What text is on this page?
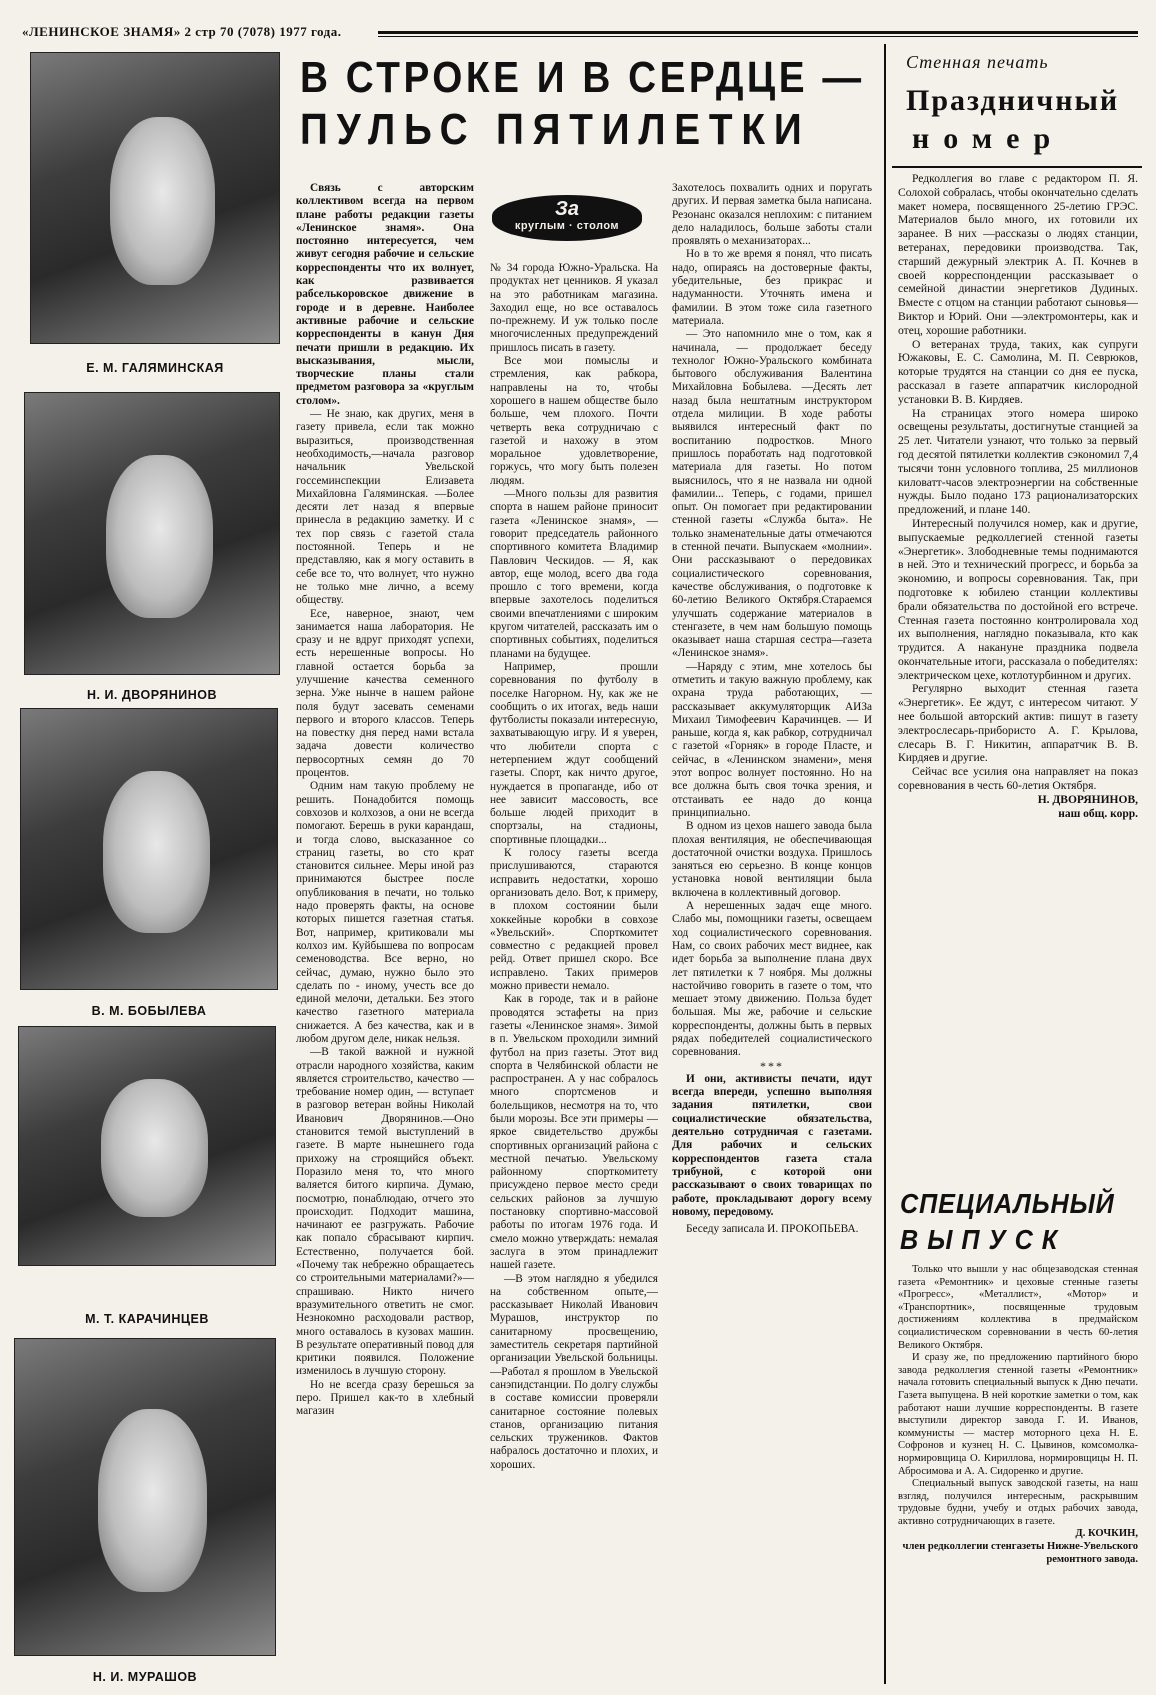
«ЛЕНИНСКОЕ ЗНАМЯ» 2 стр 70 (7078) 1977 года.
Е. М. ГАЛЯМИНСКАЯ
Н. И. ДВОРЯНИНОВ
В. М. БОБЫЛЕВА
М. Т. КАРАЧИНЦЕВ
Н. И. МУРАШОВ
В СТРОКЕ И В СЕРДЦЕ —
ПУЛЬС ПЯТИЛЕТКИ
За
круглым · столом

Связь с авторским коллективом всегда на первом плане работы редакции газеты «Ленинское знамя». Она постоянно интересуется, чем живут сегодня рабочие и сельские корреспонденты что их волнует, как развивается рабселькоровское движение в городе и в деревне. Наиболее активные рабочие и сельские корреспонденты в канун Дня печати пришли в редакцию. Их высказывания, мысли, творческие планы стали предметом разговора за «круглым столом».

— Не знаю, как других, меня в газету привела, если так можно выразиться, производственная необходимость,—начала разговор начальник Увельской госсеминспекции Елизавета Михайловна Галяминская. —Более десяти лет назад я впервые принесла в редакцию заметку. И с тех пор связь с газетой стала постоянной. Теперь и не представляю, как я могу оставить в себе все то, что волнует, что нужно не только мне лично, а всему обществу.

Есе, наверное, знают, чем занимается наша лаборатория. Не сразу и не вдруг приходят успехи, есть нерешенные вопросы. Но главной остается борьба за улучшение качества семенного зерна. Уже нынче в нашем районе поля будут засевать семенами первого и второго классов. Теперь на повестку дня перед нами встала задача довести количество первосортных семян до 70 процентов.

Одним нам такую проблему не решить. Понадобится помощь совхозов и колхозов, а они не всегда помогают. Берешь в руки карандаш, и тогда слово, высказанное со страниц газеты, во сто крат становится сильнее. Меры иной раз принимаются быстрее после опубликования в печати, но только надо проверять факты, на основе которых пишется газетная статья. Вот, например, критиковали мы колхоз им. Куйбышева по вопросам семеноводства. Все верно, но сейчас, думаю, нужно было это сделать по - иному, учесть все до единой мелочи, детальки. Без этого качество газетного материала снижается. А без качества, как и в любом другом деле, никак нельзя.

—В такой важной и нужной отрасли народного хозяйства, каким является строительство, качество — требование номер один, — вступает в разговор ветеран войны Николай Иванович Дворянинов.—Оно становится темой выступлений в газете. В марте нынешнего года прихожу на строящийся объект. Поразило меня то, что много валяется битого кирпича. Думаю, посмотрю, понаблюдаю, отчего это происходит. Подходит машина, начинают ее разгружать. Рабочие как попало сбрасывают кирпич. Естественно, получается бой. «Почему так небрежно обращаетесь со строительными материалами?»—спрашиваю. Никто ничего вразумительного ответить не смог. Незнокомно расходовали раствор, много оставалось в кузовах машин. В результате оперативный повод для критики появился. Положение изменилось в лучшую сторону.

Но не всегда сразу берешься за перо. Пришел как-то в хлебный магазин

№ 34 города Южно-Уральска. На продуктах нет ценников. Я указал на это работникам магазина. Заходил еще, но все оставалось по-прежнему. И уж только после многочисленных предупреждений пришлось писать в газету.

Все мои помыслы и стремления, как рабкора, направлены на то, чтобы хорошего в нашем обществе было больше, чем плохого. Почти четверть века сотрудничаю с газетой и нахожу в этом моральное удовлетворение, горжусь, что могу быть полезен людям.

—Много пользы для развития спорта в нашем районе приносит газета «Ленинское знамя», — говорит председатель районного спортивного комитета Владимир Павлович Ческидов. — Я, как автор, еще молод, всего два года прошло с того времени, когда впервые захотелось поделиться своими впечатлениями с широким кругом читателей, рассказать им о спортивных событиях, поделиться планами на будущее.

Например, прошли соревнования по футболу в поселке Нагорном. Ну, как же не сообщить о их итогах, ведь наши футболисты показали интересную, захватывающую игру. И я уверен, что любители спорта с нетерпением ждут сообщений газеты. Спорт, как ничто другое, нуждается в пропаганде, ибо от нее зависит массовость, все больше людей приходит в спортзалы, на стадионы, спортивные площадки...

К голосу газеты всегда прислушиваются, стараются исправить недостатки, хорошо организовать дело. Вот, к примеру, в плохом состоянии были хоккейные коробки в совхозе «Увельский». Спорткомитет совместно с редакцией провел рейд. Ответ пришел скоро. Все исправлено. Таких примеров можно привести немало.

Как в городе, так и в районе проводятся эстафеты на приз газеты «Ленинское знамя». Зимой в п. Увельском проходили зимний футбол на приз газеты. Этот вид спорта в Челябинской области не распространен. А у нас собралось много спортсменов и болельщиков, несмотря на то, что были морозы. Все эти примеры —яркое свидетельство дружбы спортивных организаций района с местной печатью. Увельскому районному спорткомитету присуждено первое место среди сельских районов за лучшую постановку спортивно-массовой работы по итогам 1976 года. И смело можно утверждать: немалая заслуга в этом принадлежит нашей газете.

—В этом наглядно я убедился на собственном опыте,— рассказывает Николай Иванович Мурашов, инструктор по санитарному просвещению, заместитель секретаря партийной организации Увельской больницы. —Работал я прошлом в Увельской санэпидстанции. По долгу службы в составе комиссии проверяли санитарное состояние полевых станов, организацию питания сельских тружеников. Фактов набралось достаточно и плохих, и хороших.

Захотелось похвалить одних и поругать других. И первая заметка была написана. Резонанс оказался неплохим: с питанием дело наладилось, больше заботы стали проявлять о механизаторах...

Но в то же время я понял, что писать надо, опираясь на достоверные факты, убедительные, без прикрас и надуманности. Уточнять имена и фамилии. В этом тоже сила газетного материала.

— Это напомнило мне о том, как я начинала, — продолжает беседу технолог Южно-Уральского комбината бытового обслуживания Валентина Михайловна Бобылева. —Десять лет назад была нештатным инструктором отдела милиции. В ходе работы выявился интересный факт по воспитанию подростков. Много пришлось поработать над подготовкой материала для газеты. Но потом выяснилось, что я не назвала ни одной фамилии... Теперь, с годами, пришел опыт. Он помогает при редактировании стенной газеты «Служба быта». Не только знаменательные даты отмечаются в стенной печати. Выпускаем «молнии». Они рассказывают о передовиках социалистического соревнования, качестве обслуживания, о подготовке к 60-летию Великого Октября.Стараемся улучшать содержание материалов в стенгазете, в чем нам большую помощь оказывает наша старшая сестра—газета «Ленинское знамя».

—Наряду с этим, мне хотелось бы отметить и такую важную проблему, как охрана труда работающих, — рассказывает аккумуляторщик АИЗа Михаил Тимофеевич Карачинцев. — И раньше, когда я, как рабкор, сотрудничал с газетой «Горняк» в городе Пласте, и сейчас, в «Ленинском знамени», меня этот вопрос волнует постоянно. Но на все должна быть своя точка зрения, и отстаивать ее надо до конца принципиально.

В одном из цехов нашего завода была плохая вентиляция, не обеспечивающая достаточной очистки воздуха. Пришлось заняться ею серьезно. В конце концов установка новой вентиляции была включена в коллективный договор.

А нерешенных задач еще много. Слабо мы, помощники газеты, освещаем ход социалистического соревнования. Нам, со своих рабочих мест виднее, как идет борьба за выполнение плана двух лет пятилетки к 7 ноября. Мы должны настойчиво говорить в газете о том, что мешает этому движению. Польза будет большая. Мы же, рабочие и сельские корреспонденты, должны быть в первых рядах победителей социалистического соревнования.

***

И они, активисты печати, идут всегда впереди, успешно выполняя задания пятилетки, свои социалистические обязательства, деятельно сотрудничая с газетами. Для рабочих и сельских корреспондентов газета стала трибуной, с которой они рассказывают о своих товарищах по работе, прокладывают дорогу всему новому, передовому.

Беседу записала И. ПРОКОПЬЕВА.

Стенная печать
Праздничный
номер

Редколлегия во главе с редактором П. Я. Солохой собралась, чтобы окончательно сделать макет номера, посвященного 25-летию ГРЭС. Материалов было много, их готовили их заранее. В них —рассказы о людях станции, ветеранах, передовики производства. Так, старший дежурный электрик А. П. Кочнев в своей корреспонденции рассказывает о семейной династии энергетиков Дудиных. Вместе с отцом на станции работают сыновья—Виктор и Юрий. Они —электромонтеры, как и отец, хорошие работники.

О ветеранах труда, таких, как супруги Южаковы, Е. С. Самолина, М. П. Севрюков, которые трудятся на станции со дня ее пуска, рассказал в газете аппаратчик кислородной установки В. В. Кирдяев.

На страницах этого номера широко освещены результаты, достигнутые станцией за 25 лет. Читатели узнают, что только за первый год десятой пятилетки коллектив сэкономил 7,4 тысячи тонн условного топлива, 25 миллионов киловатт-часов электроэнергии на собственные нужды. Было подано 173 рационализаторских предложений, и плане 140.

Интересный получился номер, как и другие, выпускаемые редколлегией стенной газеты «Энергетик». Злободневные темы поднимаются в ней. Это и технический прогресс, и борьба за экономию, и вопросы соревнования. Так, при подготовке к юбилею станции коллективы брали обязательства по достойной его встрече. Стенная газета постоянно контролировала ход их выполнения, наглядно показывала, кто как трудится. А накануне праздника подвела окончательные итоги, рассказала о победителях: электрическом цехе, котлотурбинном и других.

Регулярно выходит стенная газета «Энергетик». Ее ждут, с интересом читают. У нее большой авторский актив: пишут в газету электрослесарь-прибористо А. Г. Крылова, слесарь В. Г. Никитин, аппаратчик В. В. Кирдяев и другие.

Сейчас все усилия она направляет на показ соревнования в честь 60-летия Октября.

Н. ДВОРЯНИНОВ,
наш общ. корр.
СПЕЦИАЛЬНЫЙ
ВЫПУСК

Только что вышли у нас общезаводская стенная газета «Ремонтник» и цеховые стенные газеты «Прогресс», «Металлист», «Мотор» и «Транспортник», посвященные трудовым достижениям коллектива в предмайском социалистическом соревновании в честь 60-летия Великого Октября.

И сразу же, по предложению партийного бюро завода редколлегия стенной газеты «Ремонтник» начала готовить специальный выпуск к Дню печати. Газета выпущена. В ней короткие заметки о том, как работают наши лучшие корреспонденты. В газете выступили директор завода Г. И. Иванов, коммунисты — мастер моторного цеха Н. Е. Софронов и кузнец Н. С. Цывинов, комсомолка-нормировщица О. Кириллова, нормировщицы Н. П. Абросимова и А. А. Сидоренко и другие.

Специальный выпуск заводской газеты, на наш взгляд, получился интересным, раскрывшим трудовые будни, учебу и отдых рабочих завода, активно сотрудничающих в газете.

Д. КОЧКИН,
член редколлегии стенгазеты Нижне-Увельского ремонтного завода.
